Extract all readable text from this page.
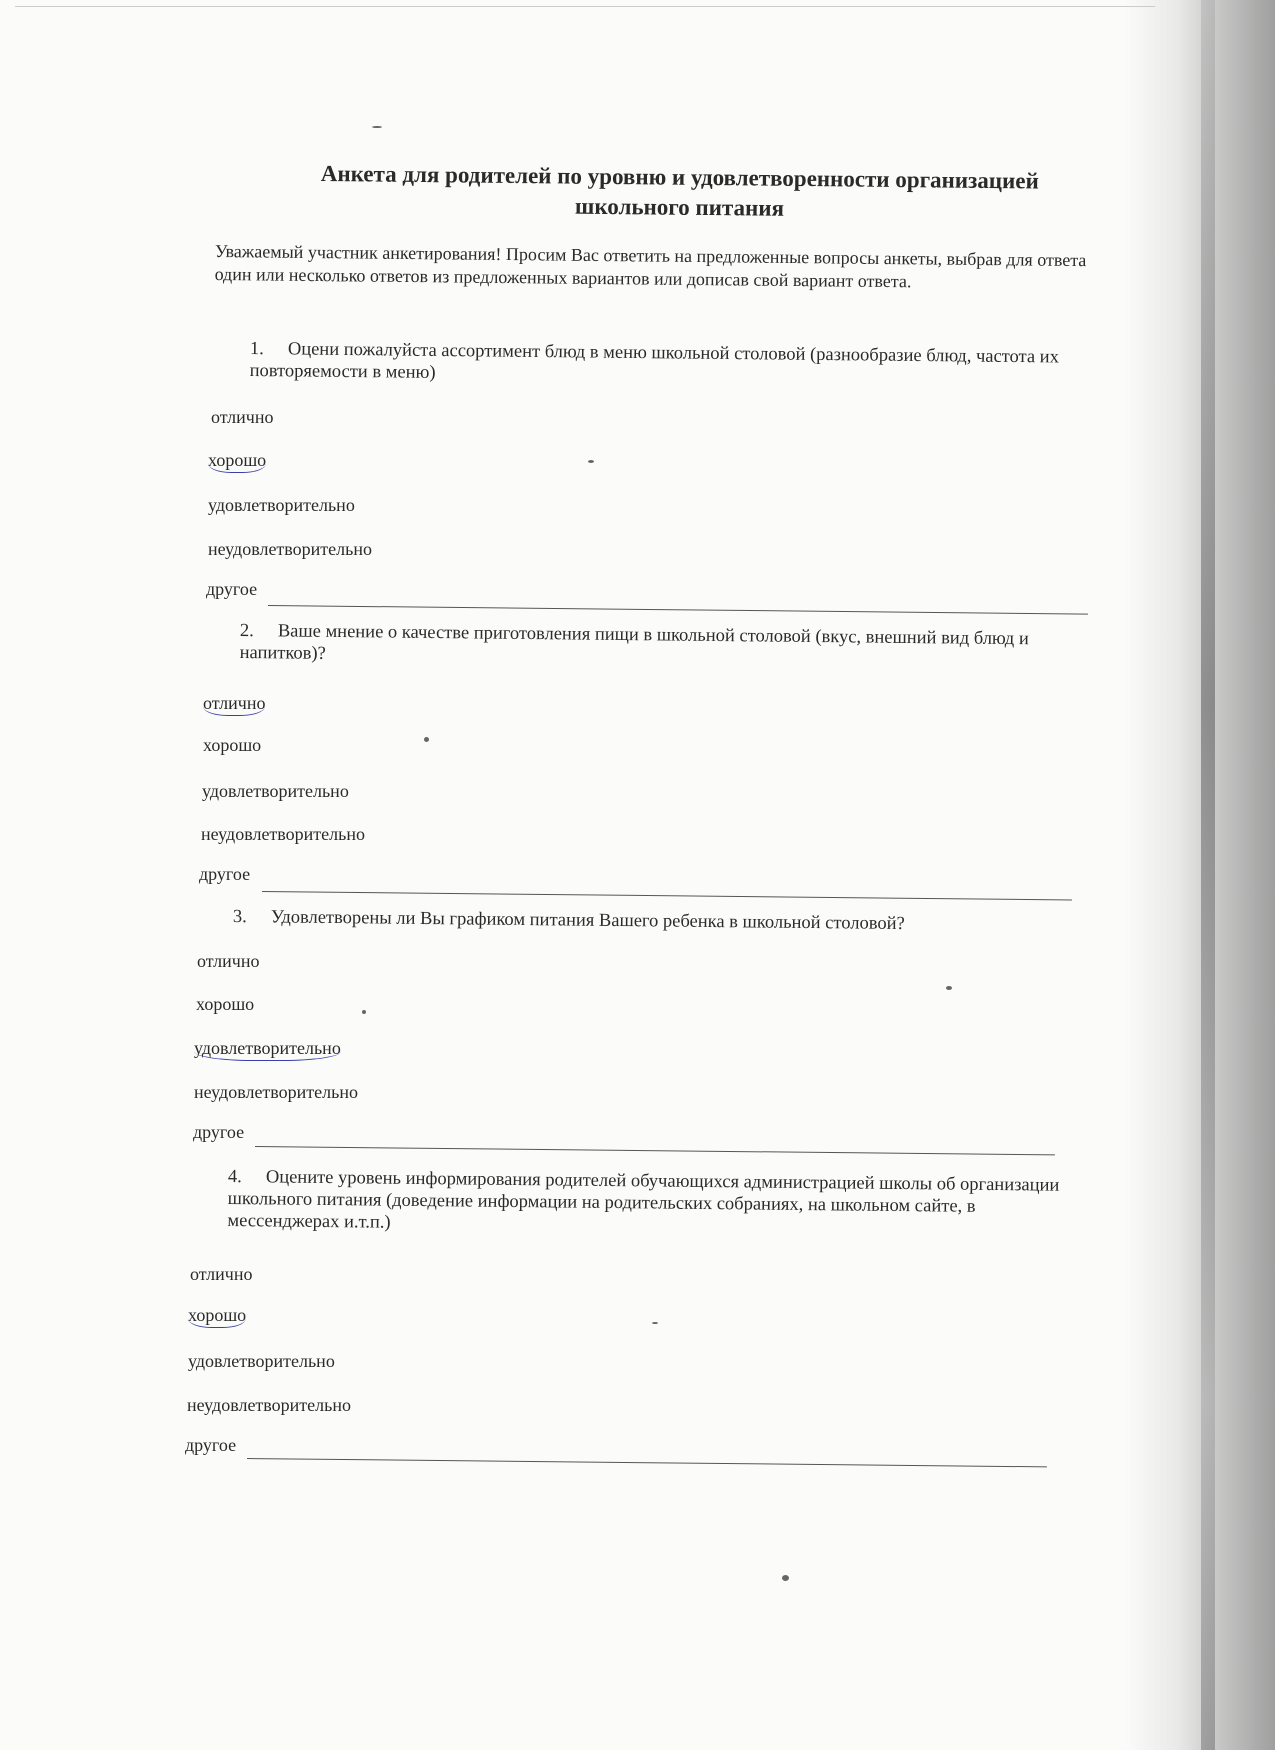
Анкета для родителей по уровню и удовлетворенности организацией
школьного питания
Уважаемый участник анкетирования! Просим Вас ответить на предложенные вопросы анкеты, выбрав для ответа один или несколько ответов из предложенных вариантов или дописав свой вариант ответа.
1. Оцени пожалуйста ассортимент блюд в меню школьной столовой (разнообразие блюд, частота их повторяемости в меню)
отлично
хорошо
удовлетворительно
неудовлетворительно
другое
2. Ваше мнение о качестве приготовления пищи в школьной столовой (вкус, внешний вид блюд и напитков)?
отлично
хорошо
удовлетворительно
неудовлетворительно
другое
3. Удовлетворены ли Вы графиком питания Вашего ребенка в школьной столовой?
отлично
хорошо
удовлетворительно
неудовлетворительно
другое
4. Оцените уровень информирования родителей обучающихся администрацией школы об организации школьного питания (доведение информации на родительских собраниях, на школьном сайте, в мессенджерах и.т.п.)
отлично
хорошо
удовлетворительно
неудовлетворительно
другое
